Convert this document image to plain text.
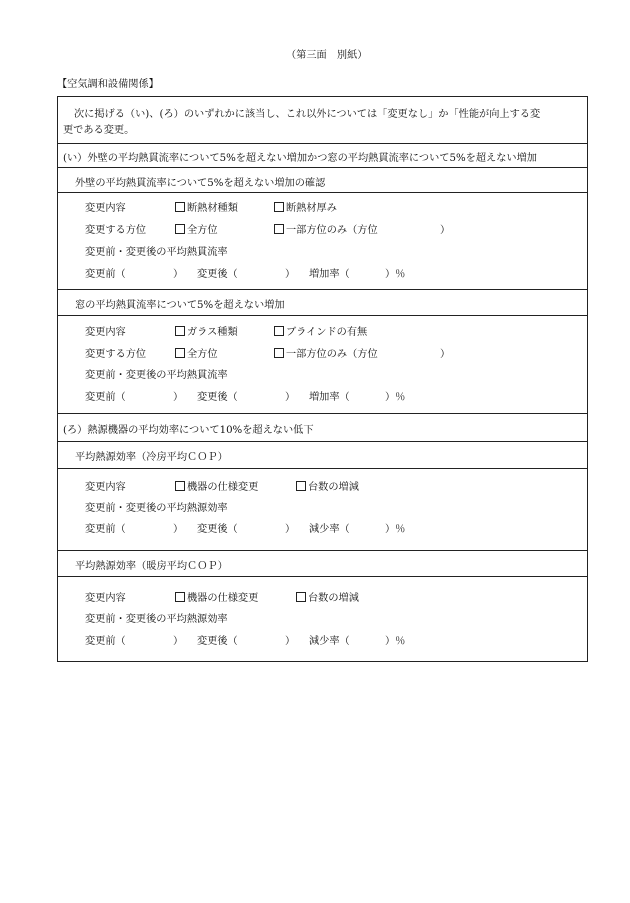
（第三面　別紙）
【空気調和設備関係】
次に掲げる（い)、(ろ）のいずれかに該当し、これ以外については「変更なし」か「性能が向上する変
更である変更。
(い）外壁の平均熱貫流率について5%を超えない増加かつ窓の平均熱貫流率について5%を超えない増加
外壁の平均熱貫流率について5%を超えない増加の確認
変更内容	断熱材種類	断熱材厚み
変更する方位	全方位	一部方位のみ（方位	）
変更前・変更後の平均熱貫流率
変更前（	） 変更後（	） 増加率（	）％
窓の平均熱貫流率について5%を超えない増加
変更内容	ガラス種類	ブラインドの有無
変更する方位	全方位	一部方位のみ（方位	）
変更前・変更後の平均熱貫流率
変更前（	） 変更後（	） 増加率（	）％
(ろ）熱源機器の平均効率について10%を超えない低下
平均熱源効率（冷房平均ＣＯＰ）
変更内容	機器の仕様変更	台数の増減
変更前・変更後の平均熱源効率
変更前（	） 変更後（	） 減少率（	）％
平均熱源効率（暖房平均ＣＯＰ）
変更内容	機器の仕様変更	台数の増減
変更前・変更後の平均熱源効率
変更前（	） 変更後（	） 減少率（	）％
